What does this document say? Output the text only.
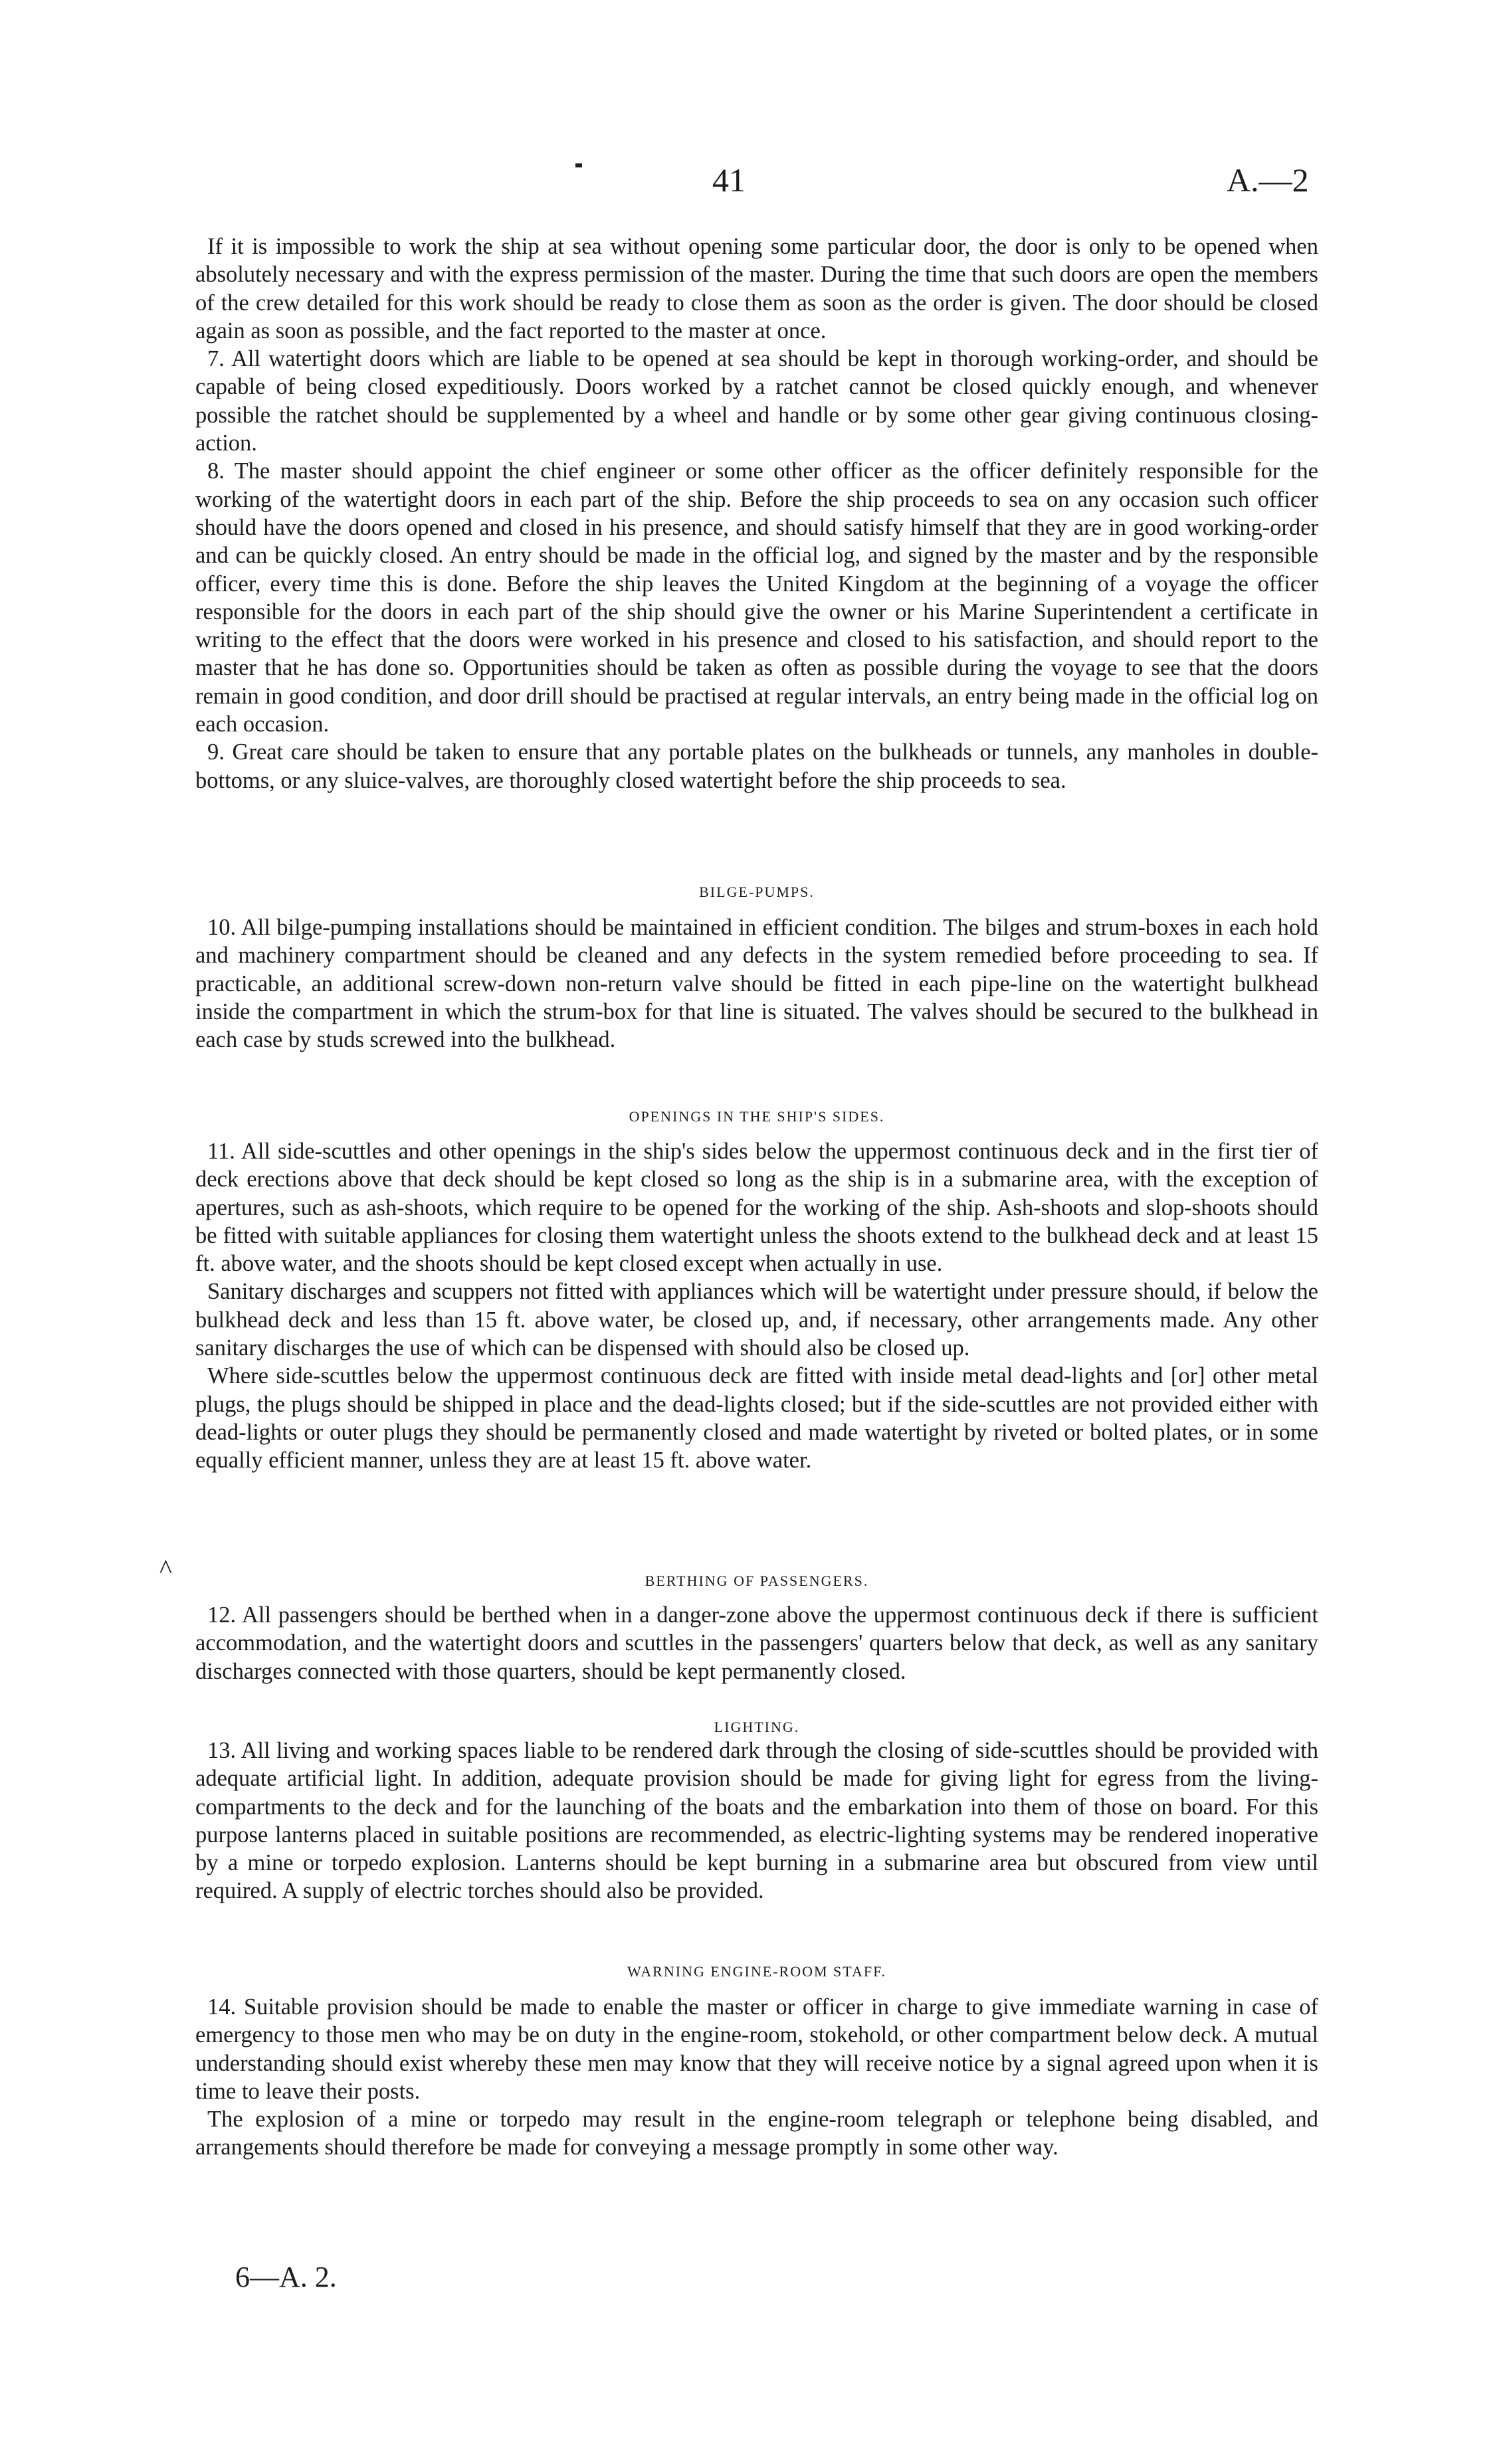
41	A.—2
If it is impossible to work the ship at sea without opening some particular door, the door is only to be opened when absolutely necessary and with the express permission of the master. During the time that such doors are open the members of the crew detailed for this work should be ready to close them as soon as the order is given. The door should be closed again as soon as possible, and the fact reported to the master at once.
7. All watertight doors which are liable to be opened at sea should be kept in thorough working-order, and should be capable of being closed expeditiously. Doors worked by a ratchet cannot be closed quickly enough, and whenever possible the ratchet should be supplemented by a wheel and handle or by some other gear giving continuous closing-action.
8. The master should appoint the chief engineer or some other officer as the officer definitely responsible for the working of the watertight doors in each part of the ship. Before the ship proceeds to sea on any occasion such officer should have the doors opened and closed in his presence, and should satisfy himself that they are in good working-order and can be quickly closed. An entry should be made in the official log, and signed by the master and by the responsible officer, every time this is done. Before the ship leaves the United Kingdom at the beginning of a voyage the officer responsible for the doors in each part of the ship should give the owner or his Marine Superintendent a certificate in writing to the effect that the doors were worked in his presence and closed to his satisfaction, and should report to the master that he has done so. Opportunities should be taken as often as possible during the voyage to see that the doors remain in good condition, and door drill should be practised at regular intervals, an entry being made in the official log on each occasion.
9. Great care should be taken to ensure that any portable plates on the bulkheads or tunnels, any manholes in double-bottoms, or any sluice-valves, are thoroughly closed watertight before the ship proceeds to sea.
BILGE-PUMPS.
10. All bilge-pumping installations should be maintained in efficient condition. The bilges and strum-boxes in each hold and machinery compartment should be cleaned and any defects in the system remedied before proceeding to sea. If practicable, an additional screw-down non-return valve should be fitted in each pipe-line on the watertight bulkhead inside the compartment in which the strum-box for that line is situated. The valves should be secured to the bulkhead in each case by studs screwed into the bulkhead.
OPENINGS IN THE SHIP'S SIDES.
11. All side-scuttles and other openings in the ship's sides below the uppermost continuous deck and in the first tier of deck erections above that deck should be kept closed so long as the ship is in a submarine area, with the exception of apertures, such as ash-shoots, which require to be opened for the working of the ship. Ash-shoots and slop-shoots should be fitted with suitable appliances for closing them watertight unless the shoots extend to the bulkhead deck and at least 15 ft. above water, and the shoots should be kept closed except when actually in use.
Sanitary discharges and scuppers not fitted with appliances which will be watertight under pressure should, if below the bulkhead deck and less than 15 ft. above water, be closed up, and, if necessary, other arrangements made. Any other sanitary discharges the use of which can be dispensed with should also be closed up.
Where side-scuttles below the uppermost continuous deck are fitted with inside metal dead-lights and [or] other metal plugs, the plugs should be shipped in place and the dead-lights closed; but if the side-scuttles are not provided either with dead-lights or outer plugs they should be permanently closed and made watertight by riveted or bolted plates, or in some equally efficient manner, unless they are at least 15 ft. above water.
^	BERTHING OF PASSENGERS.
12. All passengers should be berthed when in a danger-zone above the uppermost continuous deck if there is sufficient accommodation, and the watertight doors and scuttles in the passengers' quarters below that deck, as well as any sanitary discharges connected with those quarters, should be kept permanently closed.
LIGHTING.
13. All living and working spaces liable to be rendered dark through the closing of side-scuttles should be provided with adequate artificial light. In addition, adequate provision should be made for giving light for egress from the living-compartments to the deck and for the launching of the boats and the embarkation into them of those on board. For this purpose lanterns placed in suitable positions are recommended, as electric-lighting systems may be rendered inoperative by a mine or torpedo explosion. Lanterns should be kept burning in a submarine area but obscured from view until required. A supply of electric torches should also be provided.
WARNING ENGINE-ROOM STAFF.
14. Suitable provision should be made to enable the master or officer in charge to give immediate warning in case of emergency to those men who may be on duty in the engine-room, stokehold, or other compartment below deck. A mutual understanding should exist whereby these men may know that they will receive notice by a signal agreed upon when it is time to leave their posts.
The explosion of a mine or torpedo may result in the engine-room telegraph or telephone being disabled, and arrangements should therefore be made for conveying a message promptly in some other way.
6—A. 2.
